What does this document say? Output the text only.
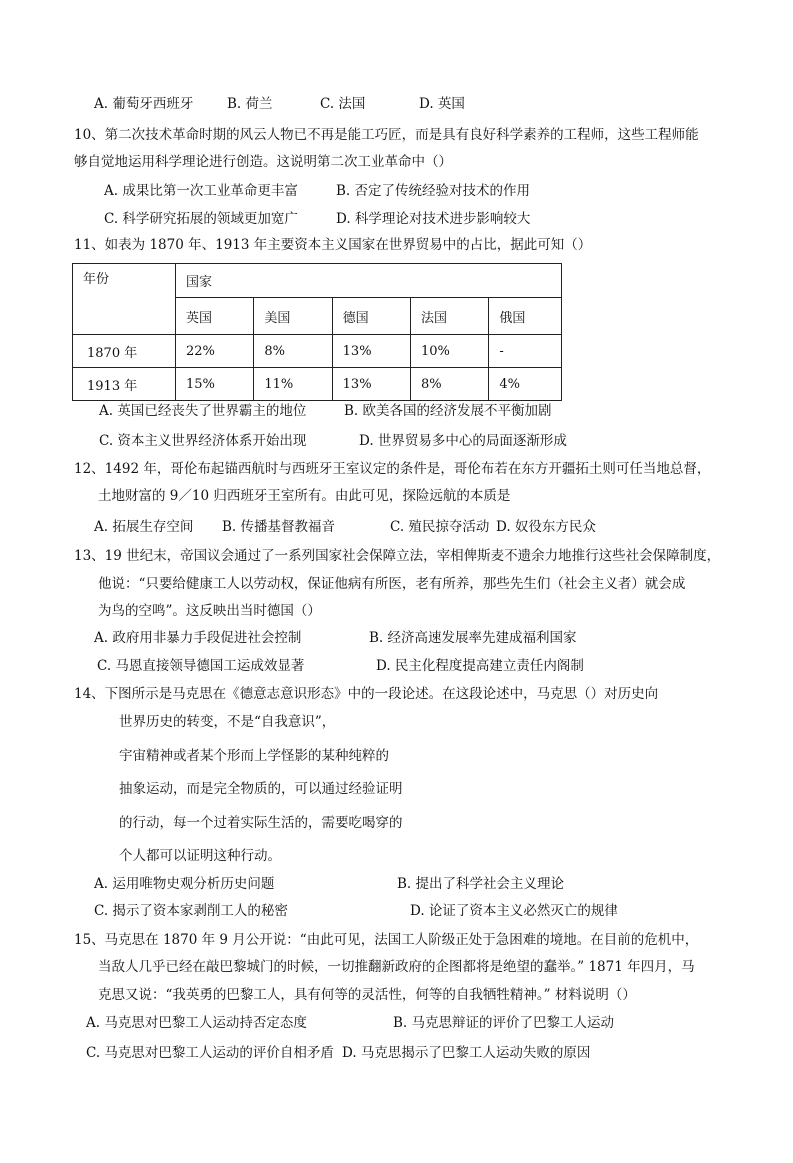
A. 葡萄牙西班牙 B. 荷兰	C. 法国	D. 英国
10、第二次技术革命时期的风云人物已不再是能工巧匠，而是具有良好科学素养的工程师，这些工程师能
够自觉地运用科学理论进行创造。这说明第二次工业革命中（）
A. 成果比第一次工业革命更丰富	B. 否定了传统经验对技术的作用
C. 科学研究拓展的领域更加宽广	D. 科学理论对技术进步影响较大
11、如表为 1870 年、1913 年主要资本主义国家在世界贸易中的占比，据此可知（）
年份	国家				
	英国	美国	德国	法国	俄国
1870 年	22%	8%	13%	10%	-
1913 年	15%	11%	13%	8%	4%
A. 英国已经丧失了世界霸主的地位	B. 欧美各国的经济发展不平衡加剧
C. 资本主义世界经济体系开始出现	D. 世界贸易多中心的局面逐渐形成
12、1492 年，哥伦布起锚西航时与西班牙王室议定的条件是，哥伦布若在东方开疆拓土则可任当地总督，
土地财富的 9／10 归西班牙王室所有。由此可见，探险远航的本质是
A. 拓展生存空间 B. 传播基督教福音	C. 殖民掠夺活动 D. 奴役东方民众
13、19 世纪末，帝国议会通过了一系列国家社会保障立法，宰相俾斯麦不遗余力地推行这些社会保障制度，
他说：“只要给健康工人以劳动权，保证他病有所医，老有所养，那些先生们（社会主义者）就会成
为鸟的空鸣”。这反映出当时德国（）
A. 政府用非暴力手段促进社会控制	B. 经济高速发展率先建成福利国家
C. 马恩直接领导德国工运成效显著	D. 民主化程度提高建立责任内阁制
14、下图所示是马克思在《德意志意识形态》中的一段论述。在这段论述中，马克思（）对历史向
世界历史的转变，不是“自我意识”，
宇宙精神或者某个形而上学怪影的某种纯粹的
抽象运动，而是完全物质的，可以通过经验证明
的行动，每一个过着实际生活的，需要吃喝穿的
个人都可以证明这种行动。
A. 运用唯物史观分析历史问题	B. 提出了科学社会主义理论
C. 揭示了资本家剥削工人的秘密	D. 论证了资本主义必然灭亡的规律
15、马克思在 1870 年 9 月公开说：“由此可见，法国工人阶级正处于急困难的境地。在目前的危机中，
当敌人几乎已经在敲巴黎城门的时候，一切推翻新政府的企图都将是绝望的蠢举。” 1871 年四月，马
克思又说：“我英勇的巴黎工人，具有何等的灵活性，何等的自我牺牲精神。” 材料说明（）
A. 马克思对巴黎工人运动持否定态度	B. 马克思辩证的评价了巴黎工人运动
C. 马克思对巴黎工人运动的评价自相矛盾 D. 马克思揭示了巴黎工人运动失败的原因
